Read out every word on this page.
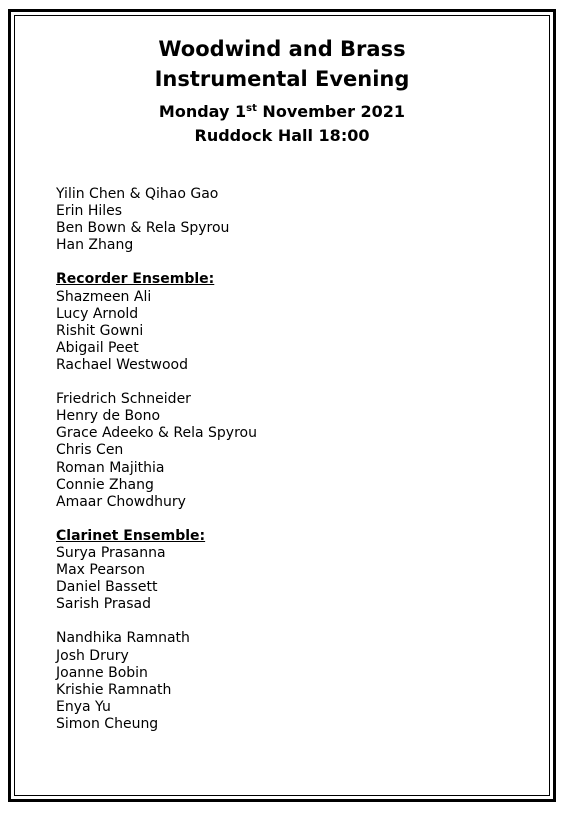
Woodwind and Brass
Instrumental Evening
Monday 1st November 2021
Ruddock Hall 18:00
Yilin Chen & Qihao Gao
Erin Hiles
Ben Bown & Rela Spyrou
Han Zhang
Recorder Ensemble:
Shazmeen Ali
Lucy Arnold
Rishit Gowni
Abigail Peet
Rachael Westwood
Friedrich Schneider
Henry de Bono
Grace Adeeko & Rela Spyrou
Chris Cen
Roman Majithia
Connie Zhang
Amaar Chowdhury
Clarinet Ensemble:
Surya Prasanna
Max Pearson
Daniel Bassett
Sarish Prasad
Nandhika Ramnath
Josh Drury
Joanne Bobin
Krishie Ramnath
Enya Yu
Simon Cheung
